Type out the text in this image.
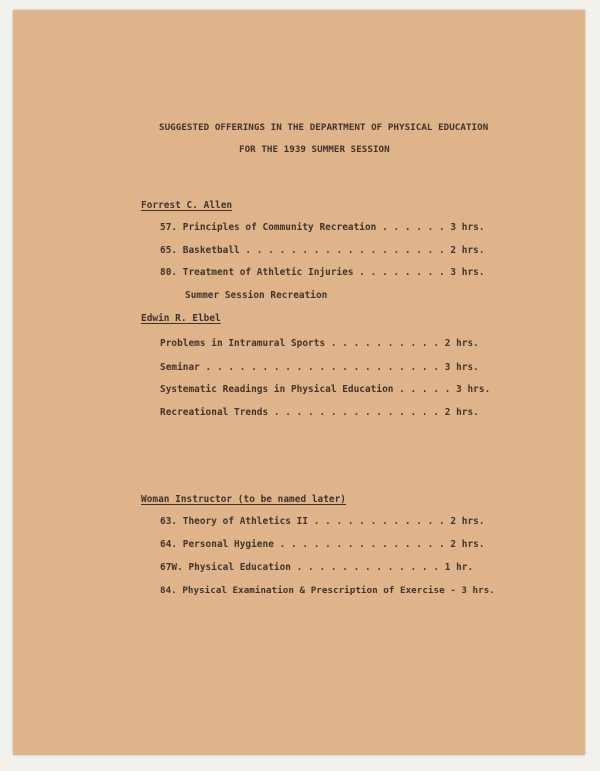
SUGGESTED OFFERINGS IN THE DEPARTMENT OF PHYSICAL EDUCATION
FOR THE 1939 SUMMER SESSION
Forrest C. Allen
57. Principles of Community Recreation . . . . . . 3 hrs.
65. Basketball . . . . . . . . . . . . . . . . . . 2 hrs.
80. Treatment of Athletic Injuries . . . . . . . . 3 hrs.
Summer Session Recreation
Edwin R. Elbel
Problems in Intramural Sports . . . . . . . . . . 2 hrs.
Seminar . . . . . . . . . . . . . . . . . . . . . 3 hrs.
Systematic Readings in Physical Education . . . . . 3 hrs.
Recreational Trends . . . . . . . . . . . . . . . 2 hrs.
Woman Instructor (to be named later)
63. Theory of Athletics II . . . . . . . . . . . . 2 hrs.
64. Personal Hygiene . . . . . . . . . . . . . . . 2 hrs.
67W. Physical Education . . . . . . . . . . . . . 1 hr.
84. Physical Examination & Prescription of Exercise - 3 hrs.
